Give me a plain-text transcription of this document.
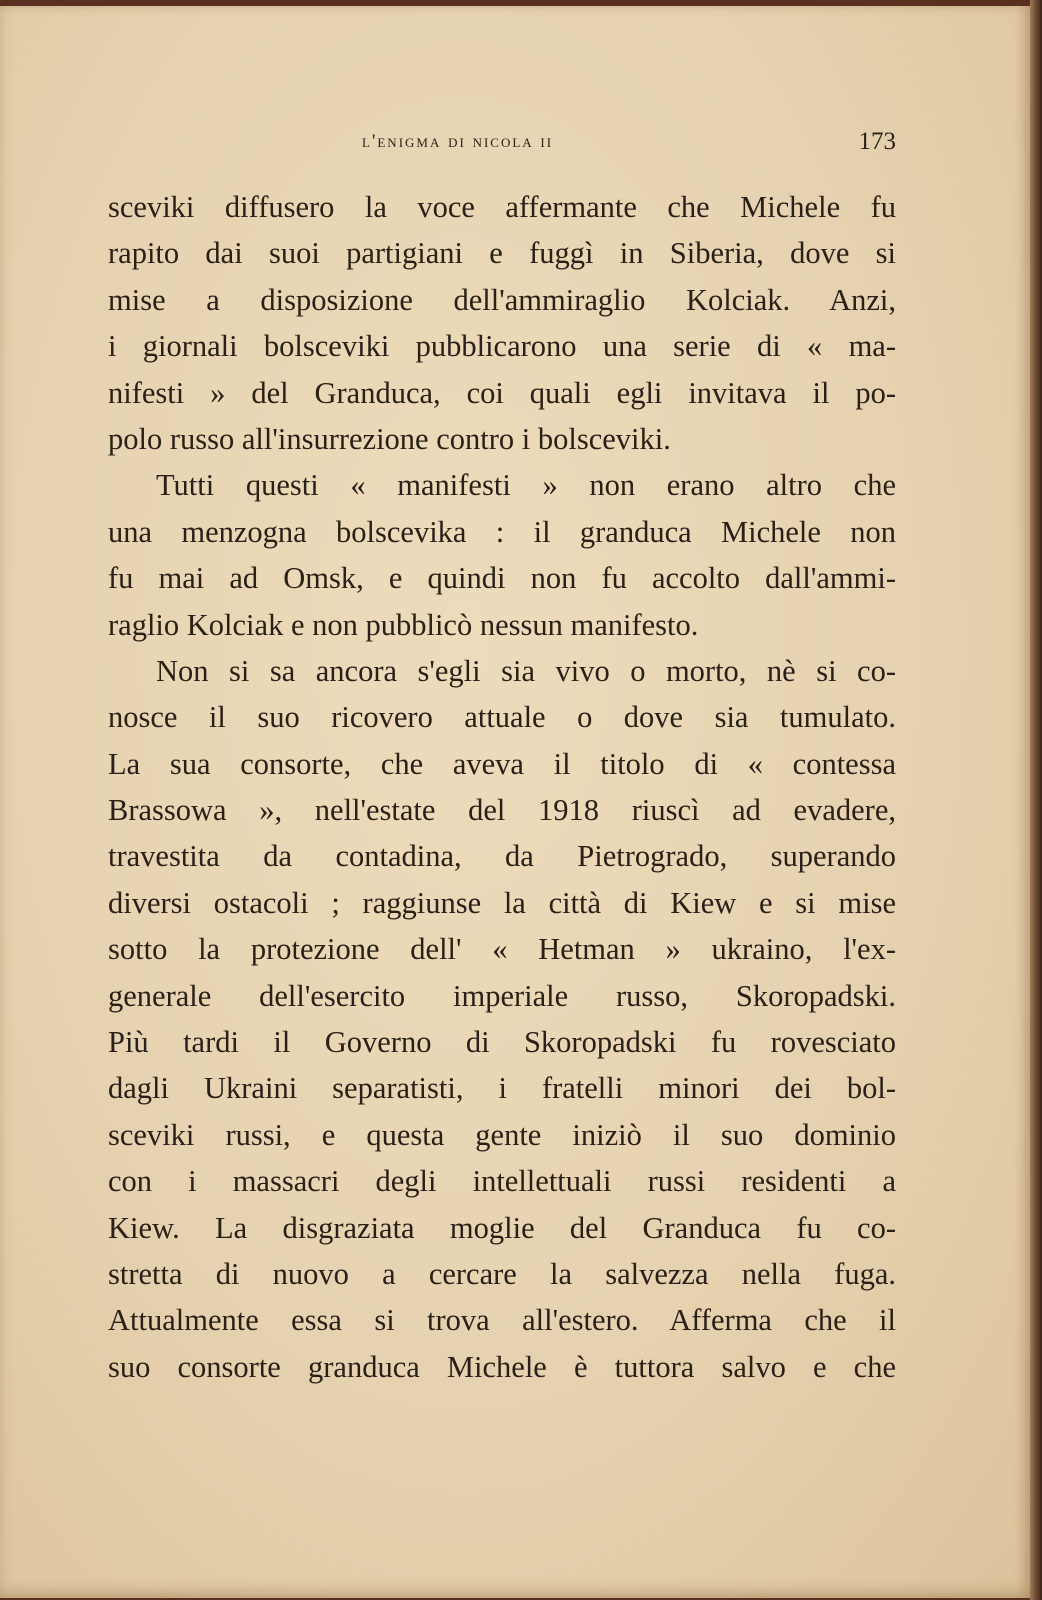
l'enigma di nicola ii	173
sceviki diffusero la voce affermante che Michele fu
rapito dai suoi partigiani e fuggì in Siberia, dove si
mise a disposizione dell'ammiraglio Kolciak. Anzi,
i giornali bolsceviki pubblicarono una serie di « ma-
nifesti » del Granduca, coi quali egli invitava il po-
polo russo all'insurrezione contro i bolsceviki.
Tutti questi « manifesti » non erano altro che
una menzogna bolscevika : il granduca Michele non
fu mai ad Omsk, e quindi non fu accolto dall'ammi-
raglio Kolciak e non pubblicò nessun manifesto.
Non si sa ancora s'egli sia vivo o morto, nè si co-
nosce il suo ricovero attuale o dove sia tumulato.
La sua consorte, che aveva il titolo di « contessa
Brassowa », nell'estate del 1918 riuscì ad evadere,
travestita da contadina, da Pietrogrado, superando
diversi ostacoli ; raggiunse la città di Kiew e si mise
sotto la protezione dell' « Hetman » ukraino, l'ex-
generale dell'esercito imperiale russo, Skoropadski.
Più tardi il Governo di Skoropadski fu rovesciato
dagli Ukraini separatisti, i fratelli minori dei bol-
sceviki russi, e questa gente iniziò il suo dominio
con i massacri degli intellettuali russi residenti a
Kiew. La disgraziata moglie del Granduca fu co-
stretta di nuovo a cercare la salvezza nella fuga.
Attualmente essa si trova all'estero. Afferma che il
suo consorte granduca Michele è tuttora salvo e che
